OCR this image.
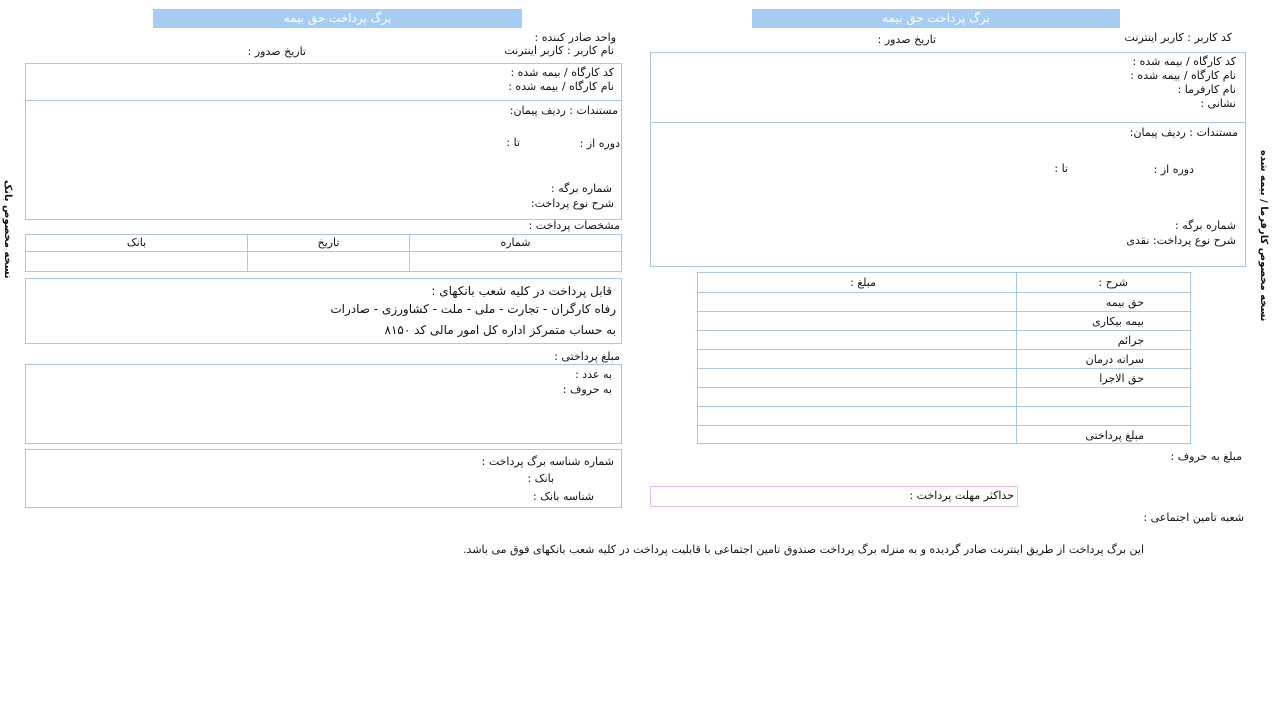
برگ پرداخت حق بیمه
کد کاربر : کاربر اینترنت
تاریخ صدور :
کد کارگاه / بیمه شده :
نام کارگاه / بیمه شده :
نام کارفرما :
نشانی :
مستندات : ردیف پیمان:
دوره از :
تا :
شماره برگه :
شرح نوع پرداخت: نقدی
شرح :
مبلغ :
حق بیمه
بیمه بیکاری
جرائم
سرانه درمان
حق الاجرا
مبلغ پرداختی
مبلغ به حروف :
حداکثر مهلت پرداخت :
شعبه تامین اجتماعی :
نسخه مخصوص کارفرما / بیمه شده
برگ پرداخت حق بیمه
واحد صادر کننده :
نام کاربر : کاربر اینترنت
تاریخ صدور :
کد کارگاه / بیمه شده :
نام کارگاه / بیمه شده :
مستندات : ردیف پیمان:
دوره از :
تا :
شماره برگه :
شرح نوع پرداخت:
مشخصات پرداخت :
شماره
تاریخ
بانک
قابل پرداخت در کلیه شعب بانکهای :
رفاه کارگران - تجارت - ملی - ملت - کشاورزی - صادرات
به حساب متمرکز اداره کل امور مالی کد ۸۱۵۰
مبلغ پرداختی :
به عدد :
به حروف :
شماره شناسه برگ پرداخت :
بانک :
شناسه بانک :
نسخه مخصوص بانک
این برگ پرداخت از طریق اینترنت صادر گردیده و به منزله برگ پرداخت صندوق تامین اجتماعی با قابلیت پرداخت در کلیه شعب بانکهای فوق می باشد.
